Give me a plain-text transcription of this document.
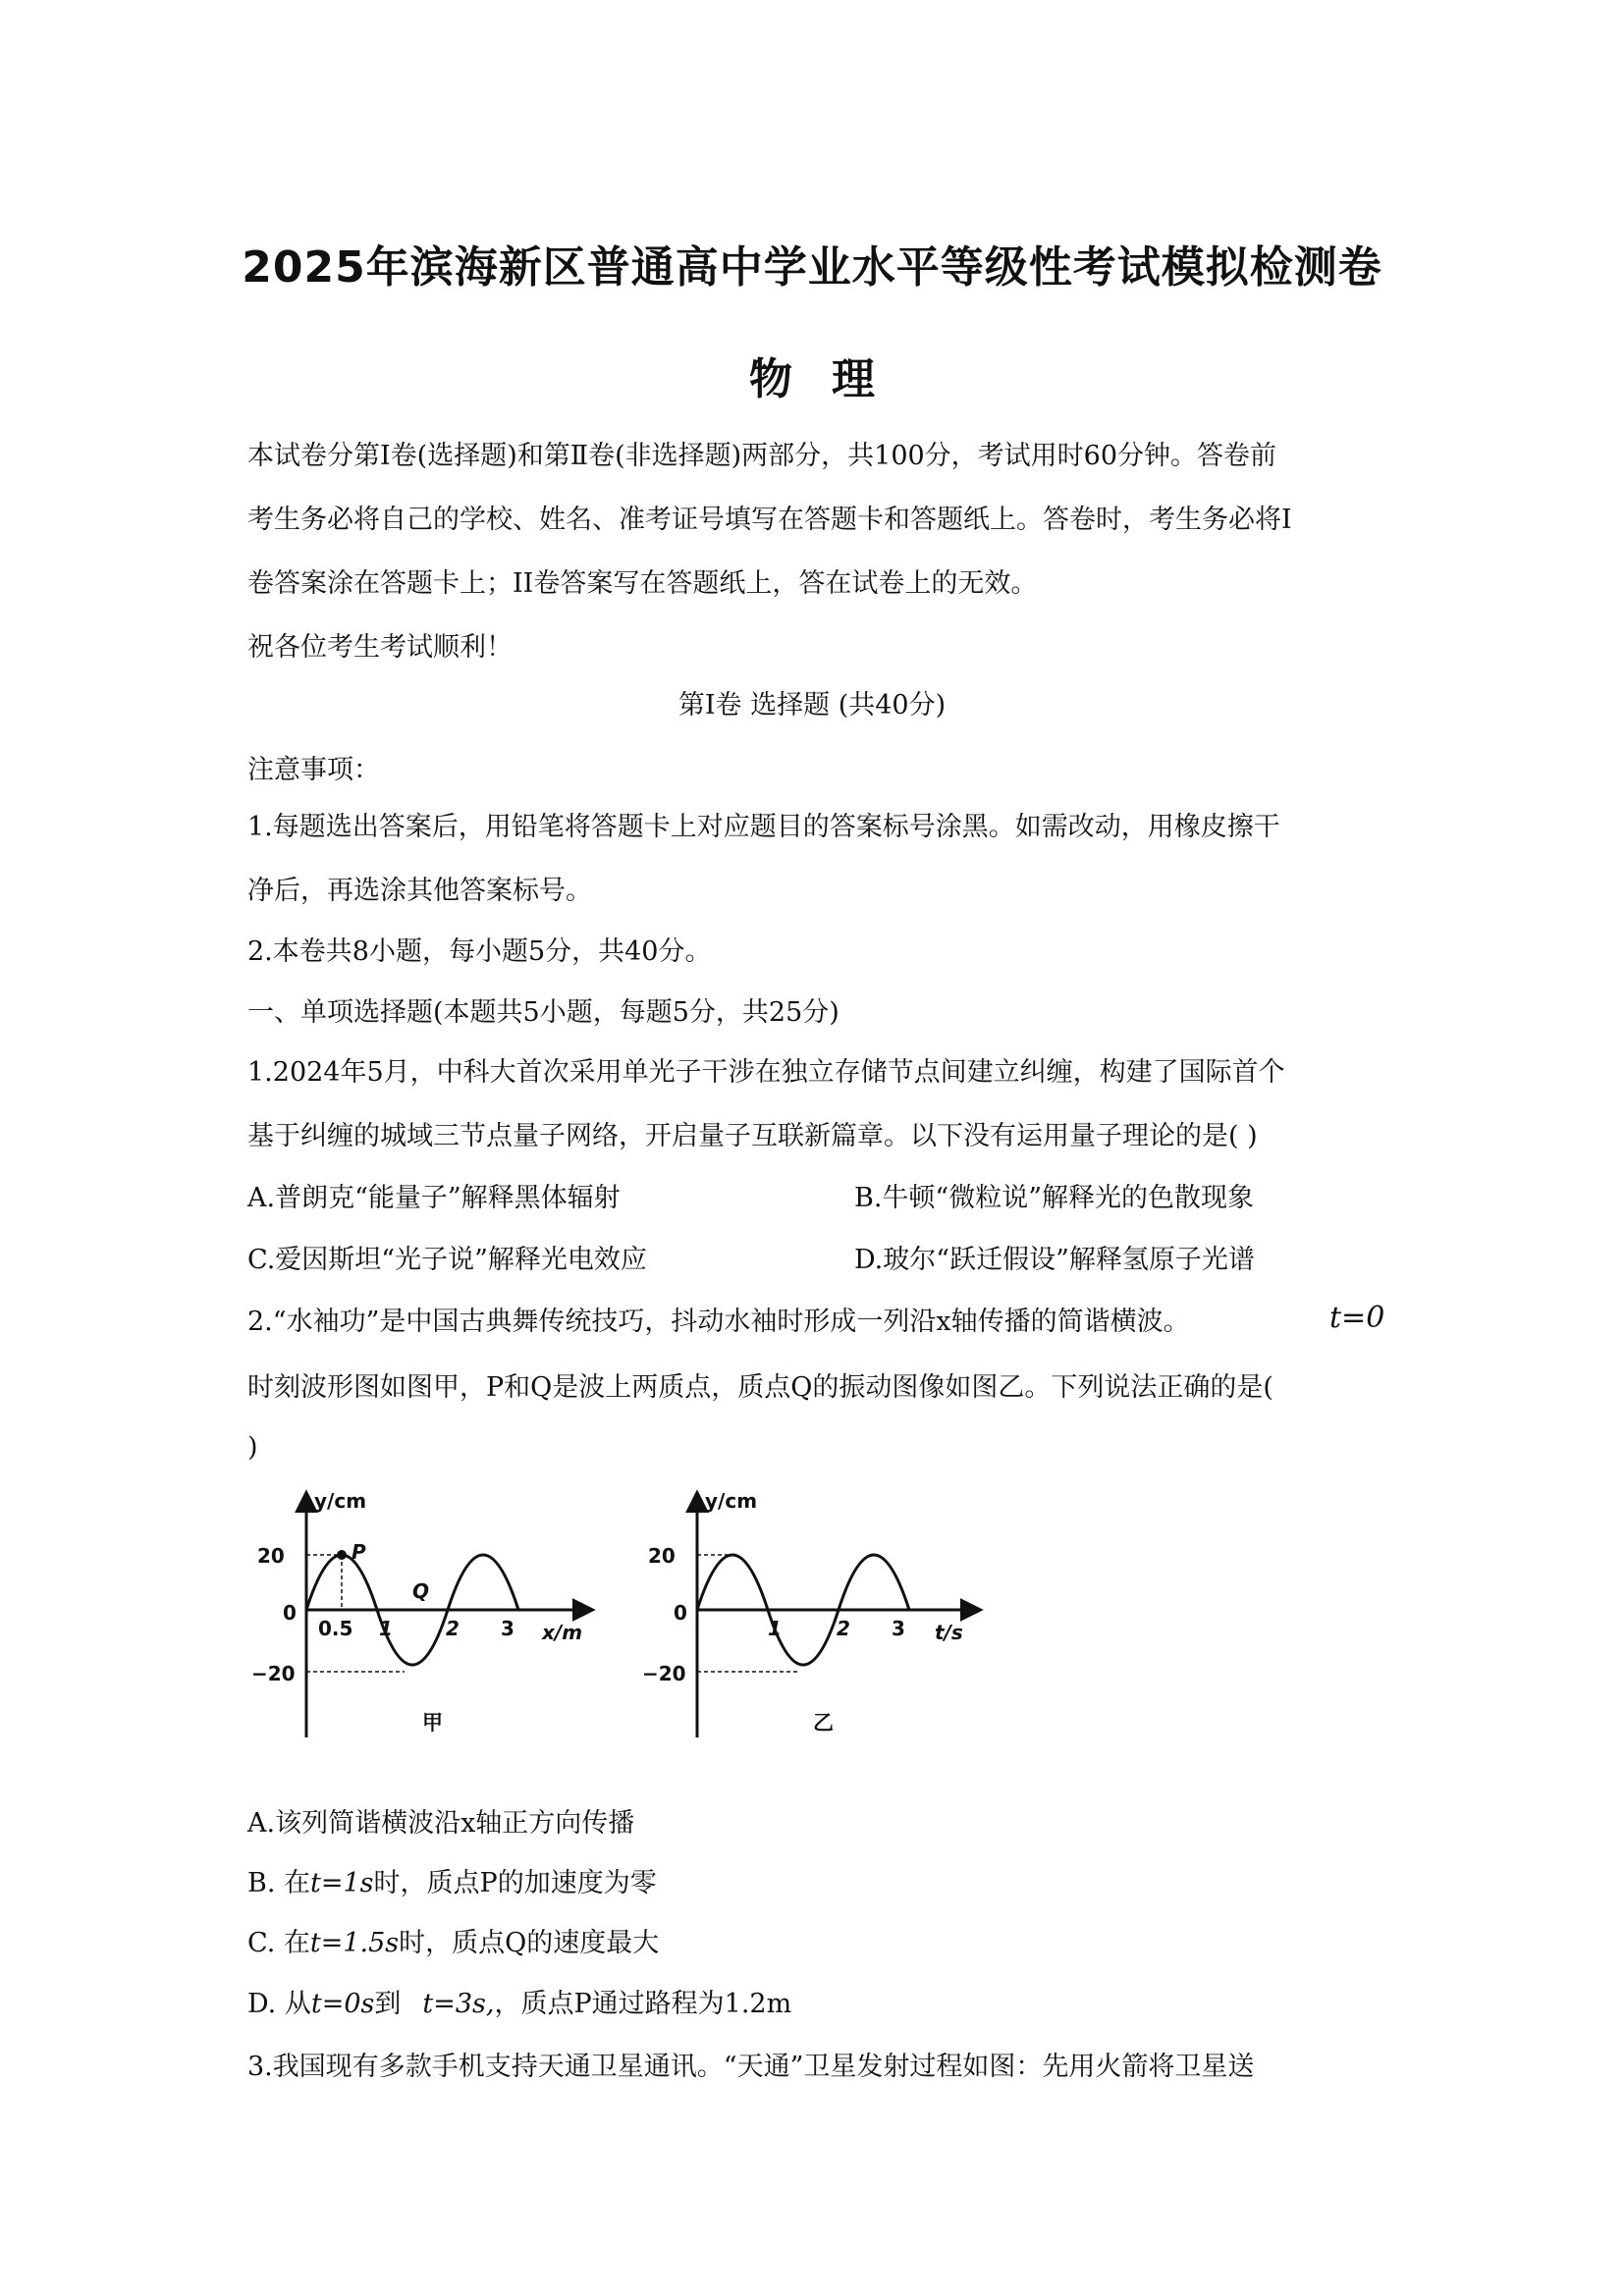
2025年滨海新区普通高中学业水平等级性考试模拟检测卷
物理
本试卷分第Ⅰ卷(选择题)和第Ⅱ卷(非选择题)两部分，共100分，考试用时60分钟。答卷前
考生务必将自己的学校、姓名、准考证号填写在答题卡和答题纸上。答卷时，考生务必将I
卷答案涂在答题卡上；II卷答案写在答题纸上，答在试卷上的无效。
祝各位考生考试顺利！
第I卷 选择题 (共40分)
注意事项：
1.每题选出答案后，用铅笔将答题卡上对应题目的答案标号涂黑。如需改动，用橡皮擦干
净后，再选涂其他答案标号。
2.本卷共8小题，每小题5分，共40分。
一、单项选择题(本题共5小题，每题5分，共25分)
1.2024年5月，中科大首次采用单光子干涉在独立存储节点间建立纠缠，构建了国际首个
基于纠缠的城域三节点量子网络，开启量子互联新篇章。以下没有运用量子理论的是( )
A.普朗克“能量子”解释黑体辐射	B.牛顿“微粒说”解释光的色散现象
C.爱因斯坦“光子说”解释光电效应	D.玻尔“跃迁假设”解释氢原子光谱
2.“水袖功”是中国古典舞传统技巧，抖动水袖时形成一列沿x轴传播的简谐横波。	t=0
时刻波形图如图甲，P和Q是波上两质点，质点Q的振动图像如图乙。下列说法正确的是(
)
y/cm
x/m
20
0
−20
0.5 1	2 3
P
Q
甲
y/cm
t/s
20
0
−20
1	2 3
乙
A.该列简谐横波沿x轴正方向传播
B. 在t=1s时，质点P的加速度为零
C. 在t=1.5s时，质点Q的速度最大
D. 从t=0s到 t=3s,，质点P通过路程为1.2m
3.我国现有多款手机支持天通卫星通讯。“天通”卫星发射过程如图：先用火箭将卫星送
